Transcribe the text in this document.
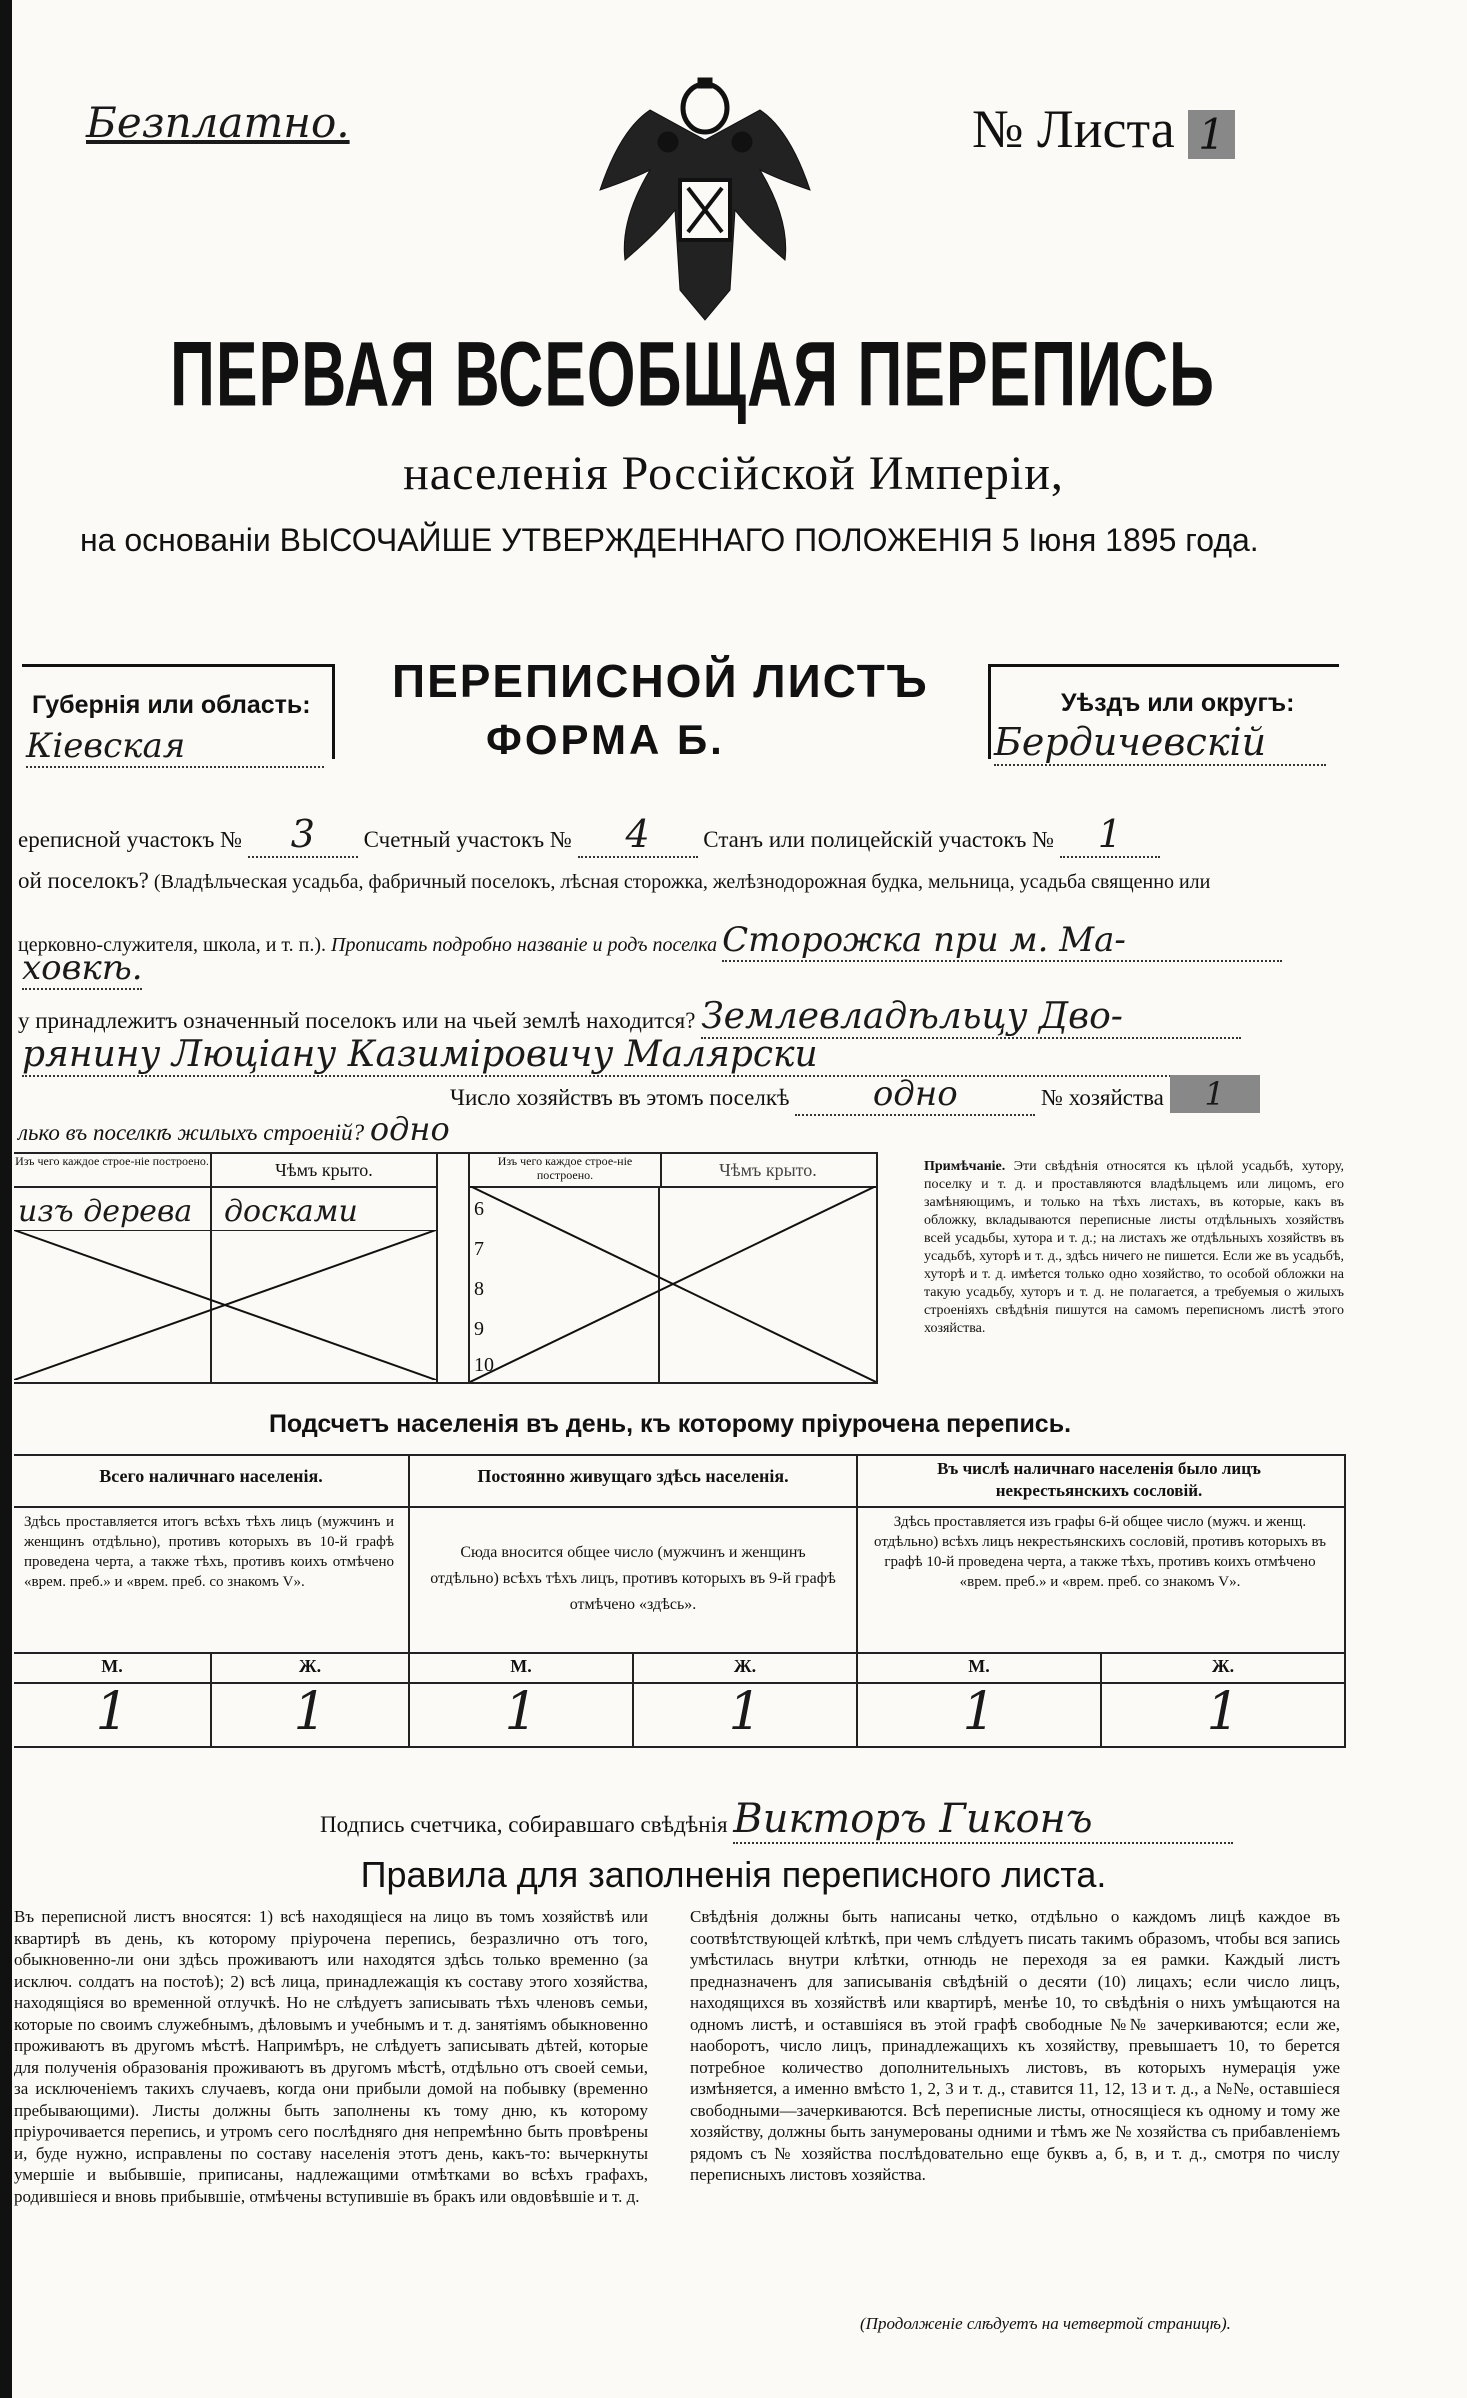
Безплатно.	№ Листа 1
ПЕРВАЯ ВСЕОБЩАЯ ПЕРЕПИСЬ
населенія Россійской Имперіи,
на основаніи ВЫСОЧАЙШЕ УТВЕРЖДЕННАГО ПОЛОЖЕНІЯ 5 Іюня 1895 года.
Губернія или область:
Кіевская
ПЕРЕПИСНОЙ ЛИСТЪ
ФОРМА Б.
Уѣздъ или округъ:
Бердичевскій
ереписной участокъ № 3 Счетный участокъ № 4 Станъ или полицейскій участокъ № 1
ой поселокъ? (Владѣльческая усадьба, фабричный поселокъ, лѣсная сторожка, желѣзнодорожная будка, мельница, усадьба священно или
церковно-служителя, школа, и т. п.). Прописать подробно названіе и родъ поселка Сторожка при м. Ма-
ховкѣ.
у принадлежитъ означенный поселокъ или на чьей землѣ находится? Землевладѣльцу Дво-
рянину Люціану Казиміровичу Малярски
Число хозяйствъ въ этомъ поселкѣ одно	№ хозяйства 1
лько въ поселкѣ жилыхъ строеній? одно
Изъ чего каждое строе-ніе построено.	Чѣмъ крыто.
изъ дерева досками
Изъ чего каждое строе-ніе построено.	Чѣмъ крыто.
6
7
8
9
10
Примѣчаніе. Эти свѣдѣнія относятся къ цѣлой усадьбѣ, хутору, поселку и т. д. и проставляются владѣльцемъ или лицомъ, его замѣняющимъ, и только на тѣхъ листахъ, въ которые, какъ въ обложку, вкладываются переписные листы отдѣльныхъ хозяйствъ всей усадьбы, хутора и т. д.; на листахъ же отдѣльныхъ хозяйствъ въ усадьбѣ, хуторѣ и т. д., здѣсь ничего не пишется. Если же въ усадьбѣ, хуторѣ и т. д. имѣется только одно хозяйство, то особой обложки на такую усадьбу, хуторъ и т. д. не полагается, а требуемыя о жилыхъ строеніяхъ свѣдѣнія пишутся на самомъ переписномъ листѣ этого хозяйства.
Подсчетъ населенія въ день, къ которому пріурочена перепись.
Всего наличнаго населенія.	Постоянно живущаго здѣсь населенія.	Въ числѣ наличнаго населенія было лицъ некрестьянскихъ сословій.
Здѣсь проставляется итогъ всѣхъ тѣхъ лицъ (мужчинъ и женщинъ отдѣльно), противъ которыхъ въ 10-й графѣ проведена черта, а также тѣхъ, противъ коихъ отмѣчено «врем. преб.» и «врем. преб. со знакомъ V».
Сюда вносится общее число (мужчинъ и женщинъ отдѣльно) всѣхъ тѣхъ лицъ, противъ которыхъ въ 9-й графѣ отмѣчено «здѣсь».
Здѣсь проставляется изъ графы 6-й общее число (мужч. и женщ. отдѣльно) всѣхъ лицъ некрестьянскихъ сословій, противъ которыхъ въ графѣ 10-й проведена черта, а также тѣхъ, противъ коихъ отмѣчено «врем. преб.» и «врем. преб. со знакомъ V».
М.	Ж.	М.	Ж.	М.	Ж.
1	1	1	1	1	1
Подпись счетчика, собиравшаго свѣдѣнія Викторъ Гиконъ
Правила для заполненія переписного листа.
Въ переписной листъ вносятся: 1) всѣ находящіеся на лицо въ томъ хозяйствѣ или квартирѣ въ день, къ которому пріурочена перепись, безразлично отъ того, обыкновенно-ли они здѣсь проживаютъ или находятся здѣсь только временно (за исключ. солдатъ на постоѣ); 2) всѣ лица, принадлежащія къ составу этого хозяйства, находящіяся во временной отлучкѣ. Но не слѣдуетъ записывать тѣхъ членовъ семьи, которые по своимъ служебнымъ, дѣловымъ и учебнымъ и т. д. занятіямъ обыкновенно проживаютъ въ другомъ мѣстѣ. Напримѣръ, не слѣдуетъ записывать дѣтей, которые для полученія образованія проживаютъ въ другомъ мѣстѣ, отдѣльно отъ своей семьи, за исключеніемъ такихъ случаевъ, когда они прибыли домой на побывку (временно пребывающими). Листы должны быть заполнены къ тому дню, къ которому пріурочивается перепись, и утромъ сего послѣдняго дня непремѣнно быть провѣрены и, буде нужно, исправлены по составу населенія этотъ день, какъ-то: вычеркнуты умершіе и выбывшіе, приписаны, надлежащими отмѣтками во всѣхъ графахъ, родившіеся и вновь прибывшіе, отмѣчены вступившіе въ бракъ или овдовѣвшіе и т. д.
Свѣдѣнія должны быть написаны четко, отдѣльно о каждомъ лицѣ каждое въ соотвѣтствующей клѣткѣ, при чемъ слѣдуетъ писать такимъ образомъ, чтобы вся запись умѣстилась внутри клѣтки, отнюдь не переходя за ея рамки. Каждый листъ предназначенъ для записыванія свѣдѣній о десяти (10) лицахъ; если число лицъ, находящихся въ хозяйствѣ или квартирѣ, менѣе 10, то свѣдѣнія о нихъ умѣщаются на одномъ листѣ, и оставшіяся въ этой графѣ свободные №№ зачеркиваются; если же, наоборотъ, число лицъ, принадлежащихъ къ хозяйству, превышаетъ 10, то берется потребное количество дополнительныхъ листовъ, въ которыхъ нумерація уже измѣняется, а именно вмѣсто 1, 2, 3 и т. д., ставится 11, 12, 13 и т. д., а №№, оставшіеся свободными—зачеркиваются. Всѣ переписные листы, относящіеся къ одному и тому же хозяйству, должны быть занумерованы одними и тѣмъ же № хозяйства съ прибавленіемъ рядомъ съ № хозяйства послѣдовательно еще буквъ а, б, в, и т. д., смотря по числу переписныхъ листовъ хозяйства.
(Продолженіе слѣдуетъ на четвертой страницѣ).
